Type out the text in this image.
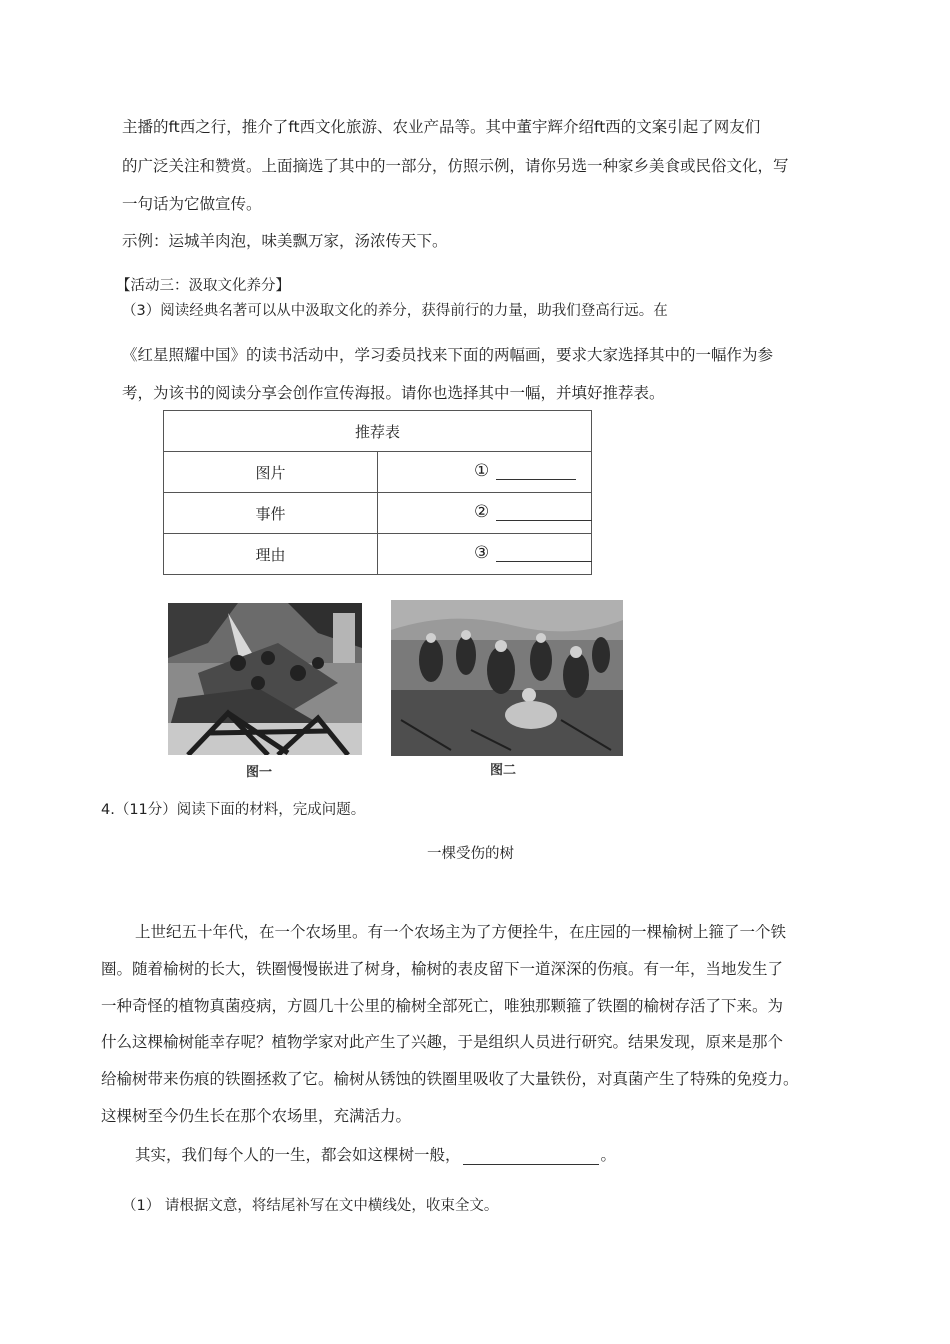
主播的ft西之行，推介了ft西文化旅游、农业产品等。其中董宇辉介绍ft西的文案引起了网友们
的广泛关注和赞赏。上面摘选了其中的一部分，仿照示例，请你另选一种家乡美食或民俗文化，写
一句话为它做宣传。
示例：运城羊肉泡，味美飘万家，汤浓传天下。
【活动三：汲取文化养分】
（3）阅读经典名著可以从中汲取文化的养分，获得前行的力量，助我们登高行远。在
《红星照耀中国》的读书活动中，学习委员找来下面的两幅画，要求大家选择其中的一幅作为参
考，为该书的阅读分享会创作宣传海报。请你也选择其中一幅，并填好推荐表。
推荐表	
图片	①

事件	②

理由	③
图一	图二
4.（11分）阅读下面的材料，完成问题。
一棵受伤的树
上世纪五十年代，在一个农场里。有一个农场主为了方便拴牛，在庄园的一棵榆树上箍了一个铁
圈。随着榆树的长大，铁圈慢慢嵌进了树身，榆树的表皮留下一道深深的伤痕。有一年，当地发生了
一种奇怪的植物真菌疫病，方圆几十公里的榆树全部死亡，唯独那颗箍了铁圈的榆树存活了下来。为
什么这棵榆树能幸存呢？植物学家对此产生了兴趣，于是组织人员进行研究。结果发现，原来是那个
给榆树带来伤痕的铁圈拯救了它。榆树从锈蚀的铁圈里吸收了大量铁份，对真菌产生了特殊的免疫力。
这棵树至今仍生长在那个农场里，充满活力。
其实，我们每个人的一生，都会如这棵树一般，	。
（1） 请根据文意，将结尾补写在文中横线处，收束全文。
